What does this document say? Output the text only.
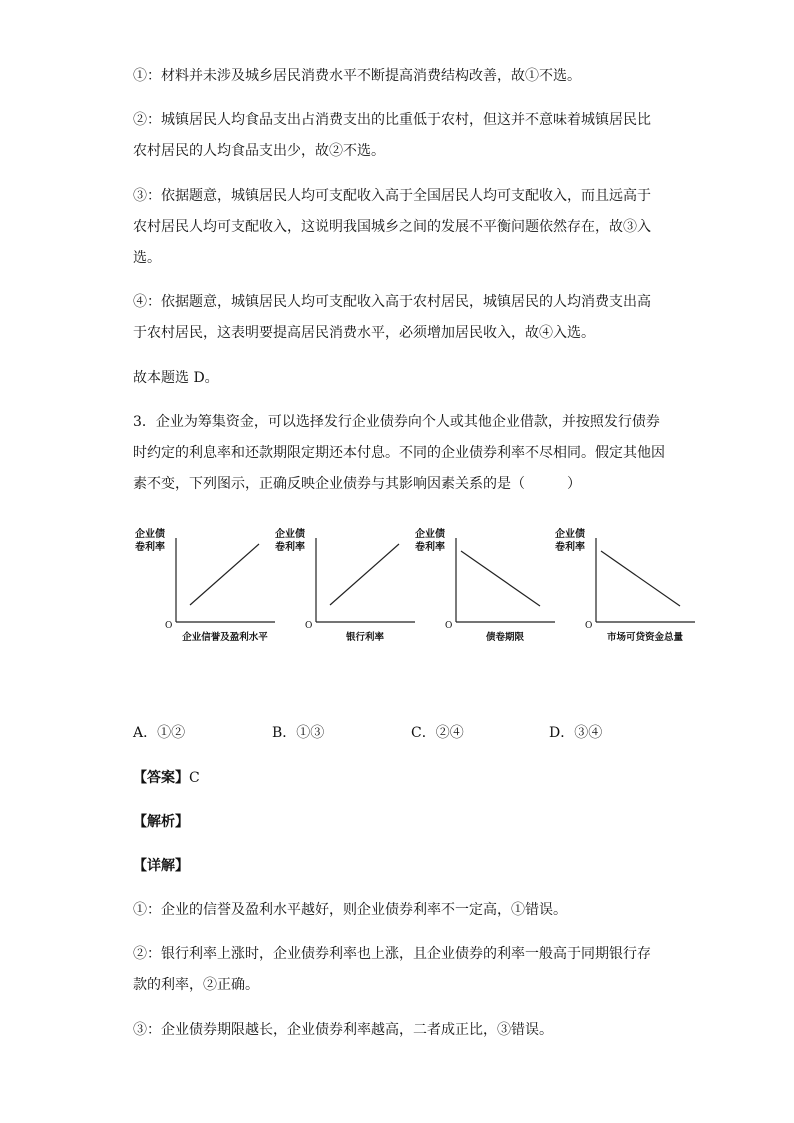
①：材料并未涉及城乡居民消费水平不断提高消费结构改善，故①不选。
②：城镇居民人均食品支出占消费支出的比重低于农村，但这并不意味着城镇居民比
农村居民的人均食品支出少，故②不选。
③：依据题意，城镇居民人均可支配收入高于全国居民人均可支配收入，而且远高于
农村居民人均可支配收入，这说明我国城乡之间的发展不平衡问题依然存在，故③入
选。
④：依据题意，城镇居民人均可支配收入高于农村居民，城镇居民的人均消费支出高
于农村居民，这表明要提高居民消费水平，必须增加居民收入，故④入选。
故本题选 D。
3．企业为筹集资金，可以选择发行企业债券向个人或其他企业借款，并按照发行债券
时约定的利息率和还款期限定期还本付息。不同的企业债券利率不尽相同。假定其他因
素不变，下列图示，正确反映企业债券与其影响因素关系的是（　　　）
企业债
卷利率
O
企业信誉及盈利水平
企业债
卷利率
O
银行利率
企业债
卷利率
O
债卷期限
企业债
卷利率
O
市场可贷资金总量
A．①②	B．①③	C．②④	D．③④
【答案】C
【解析】
【详解】
①：企业的信誉及盈利水平越好，则企业债券利率不一定高，①错误。
②：银行利率上涨时，企业债券利率也上涨，且企业债券的利率一般高于同期银行存
款的利率，②正确。
③：企业债券期限越长，企业债券利率越高，二者成正比，③错误。
